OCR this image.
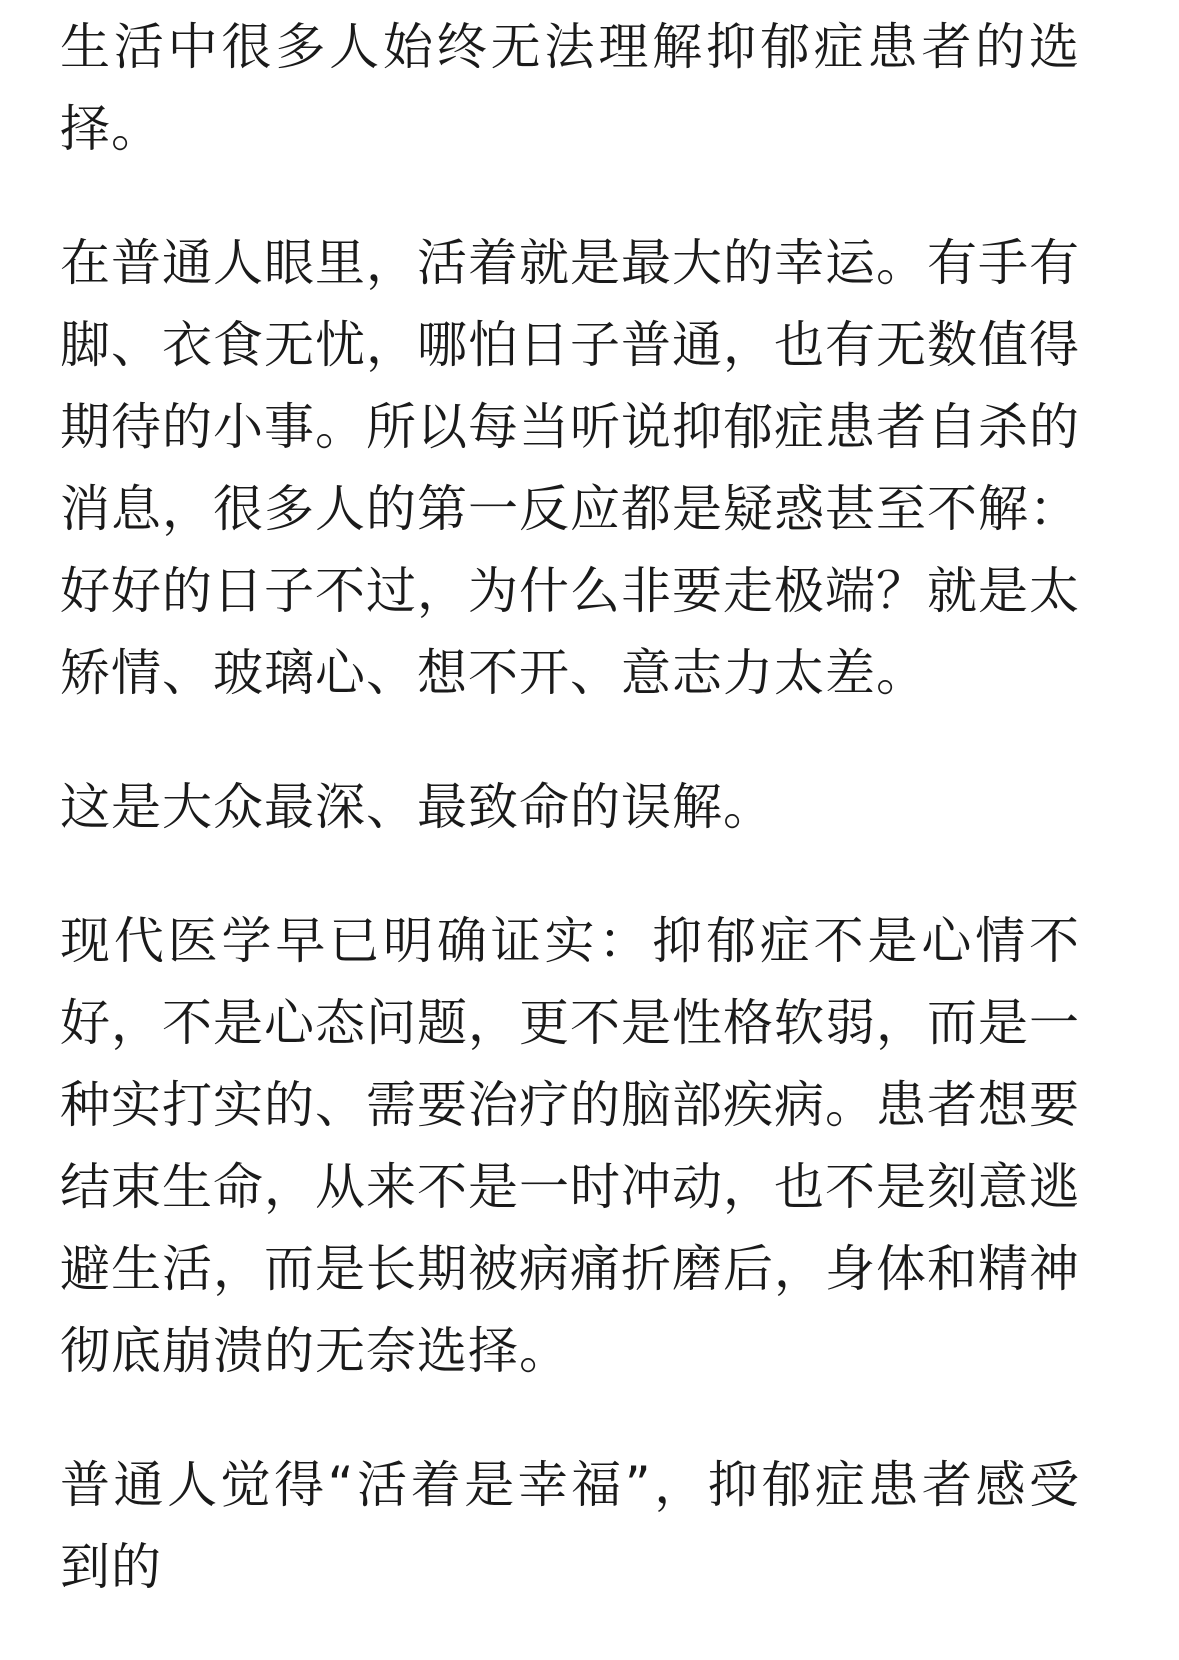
生活中很多人始终无法理解抑郁症患者的选择。

在普通人眼里，活着就是最大的幸运。有手有脚、衣食无忧，哪怕日子普通，也有无数值得期待的小事。所以每当听说抑郁症患者自杀的消息，很多人的第一反应都是疑惑甚至不解：好好的日子不过，为什么非要走极端？就是太矫情、玻璃心、想不开、意志力太差。

这是大众最深、最致命的误解。

现代医学早已明确证实：抑郁症不是心情不好，不是心态问题，更不是性格软弱，而是一种实打实的、需要治疗的脑部疾病。患者想要结束生命，从来不是一时冲动，也不是刻意逃避生活，而是长期被病痛折磨后，身体和精神彻底崩溃的无奈选择。

普通人觉得“活着是幸福”，抑郁症患者感受到的
